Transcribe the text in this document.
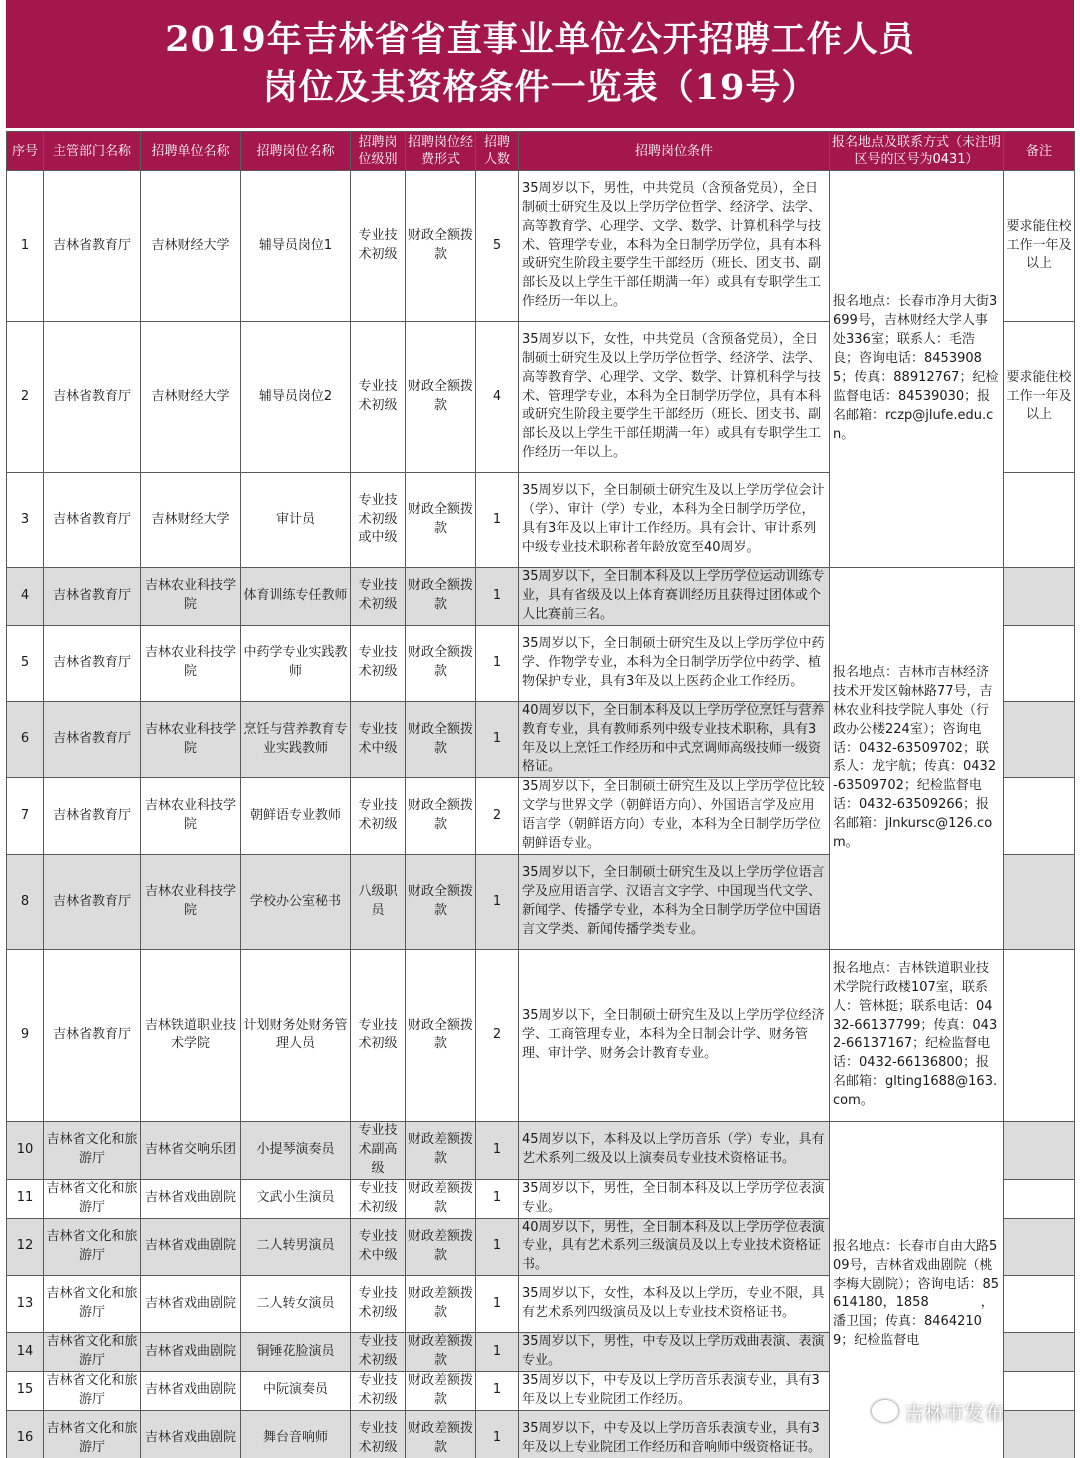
2019年吉林省省直事业单位公开招聘工作人员
岗位及其资格条件一览表（19号）
序号	主管部门名称	招聘单位名称	招聘岗位名称	招聘岗位级别	招聘岗位经费形式	招聘人数	招聘岗位条件	报名地点及联系方式（未注明区号的区号为0431）	备注
1	吉林省教育厅	吉林财经大学	辅导员岗位1	专业技术初级	财政全额拨款	5	35周岁以下，男性，中共党员（含预备党员），全日制硕士研究生及以上学历学位哲学、经济学、法学、高等教育学、心理学、文学、数学、计算机科学与技术、管理学专业，本科为全日制学历学位，具有本科或研究生阶段主要学生干部经历（班长、团支书、副部长及以上学生干部任期满一年）或具有专职学生工作经历一年以上。	报名地点：长春市净月大街3699号，吉林财经大学人事处336室；联系人：毛浩良；咨询电话：84539085；传真：88912767；纪检监督电话：84539030；报名邮箱：rczp@jlufe.edu.cn。	要求能住校工作一年及以上
2	吉林省教育厅	吉林财经大学	辅导员岗位2	专业技术初级	财政全额拨款	4	35周岁以下，女性，中共党员（含预备党员），全日制硕士研究生及以上学历学位哲学、经济学、法学、高等教育学、心理学、文学、数学、计算机科学与技术、管理学专业，本科为全日制学历学位，具有本科或研究生阶段主要学生干部经历（班长、团支书、副部长及以上学生干部任期满一年）或具有专职学生工作经历一年以上。		要求能住校工作一年及以上
3	吉林省教育厅	吉林财经大学	审计员	专业技术初级或中级	财政全额拨款	1	35周岁以下，全日制硕士研究生及以上学历学位会计（学）、审计（学）专业，本科为全日制学历学位，具有3年及以上审计工作经历。具有会计、审计系列中级专业技术职称者年龄放宽至40周岁。		
4	吉林省教育厅	吉林农业科技学院	体育训练专任教师	专业技术初级	财政全额拨款	1	35周岁以下，全日制本科及以上学历学位运动训练专业，具有省级及以上体育赛训经历且获得过团体或个人比赛前三名。	报名地点：吉林市吉林经济技术开发区翰林路77号，吉林农业科技学院人事处（行政办公楼224室）；咨询电话：0432-63509702；联系人：龙宇航；传真：0432-63509702；纪检监督电话：0432-63509266；报名邮箱：jlnkursc@126.com。	
5	吉林省教育厅	吉林农业科技学院	中药学专业实践教师	专业技术初级	财政全额拨款	1	35周岁以下，全日制硕士研究生及以上学历学位中药学、作物学专业，本科为全日制学历学位中药学、植物保护专业，具有3年及以上医药企业工作经历。		
6	吉林省教育厅	吉林农业科技学院	烹饪与营养教育专业实践教师	专业技术中级	财政全额拨款	1	40周岁以下，全日制本科及以上学历学位烹饪与营养教育专业，具有教师系列中级专业技术职称，具有3年及以上烹饪工作经历和中式烹调师高级技师一级资格证。		
7	吉林省教育厅	吉林农业科技学院	朝鲜语专业教师	专业技术初级	财政全额拨款	2	35周岁以下，全日制硕士研究生及以上学历学位比较文学与世界文学（朝鲜语方向）、外国语言学及应用语言学（朝鲜语方向）专业，本科为全日制学历学位朝鲜语专业。		
8	吉林省教育厅	吉林农业科技学院	学校办公室秘书	八级职员	财政全额拨款	1	35周岁以下，全日制硕士研究生及以上学历学位语言学及应用语言学、汉语言文字学、中国现当代文学、新闻学、传播学专业，本科为全日制学历学位中国语言文学类、新闻传播学类专业。		
9	吉林省教育厅	吉林铁道职业技术学院	计划财务处财务管理人员	专业技术初级	财政全额拨款	2	35周岁以下，全日制硕士研究生及以上学历学位经济学、工商管理专业，本科为全日制会计学、财务管理、审计学、财务会计教育专业。	报名地点：吉林铁道职业技术学院行政楼107室，联系人：管林挺；联系电话：0432-66137799；传真：0432-66137167；纪检监督电话：0432-66136800；报名邮箱：glting1688@163.com。	
10	吉林省文化和旅游厅	吉林省交响乐团	小提琴演奏员	专业技术副高级	财政差额拨款	1	45周岁以下，本科及以上学历音乐（学）专业，具有艺术系列二级及以上演奏员专业技术资格证书。	报名地点：长春市自由大路509号，吉林省戏曲剧院（桃李梅大剧院）；咨询电话：85614180，1858　　　　，潘卫国；传真：84642109；纪检监督电	
11	吉林省文化和旅游厅	吉林省戏曲剧院	文武小生演员	专业技术初级	财政差额拨款	1	35周岁以下，男性，全日制本科及以上学历学位表演专业。		
12	吉林省文化和旅游厅	吉林省戏曲剧院	二人转男演员	专业技术中级	财政差额拨款	1	40周岁以下，男性，全日制本科及以上学历学位表演专业，具有艺术系列三级演员及以上专业技术资格证书。		
13	吉林省文化和旅游厅	吉林省戏曲剧院	二人转女演员	专业技术初级	财政差额拨款	1	35周岁以下，女性，本科及以上学历，专业不限，具有艺术系列四级演员及以上专业技术资格证书。		
14	吉林省文化和旅游厅	吉林省戏曲剧院	铜锤花脸演员	专业技术初级	财政差额拨款	1	35周岁以下，男性，中专及以上学历戏曲表演、表演专业。		
15	吉林省文化和旅游厅	吉林省戏曲剧院	中阮演奏员	专业技术初级	财政差额拨款	1	35周岁以下，中专及以上学历音乐表演专业，具有3年及以上专业院团工作经历。		
16	吉林省文化和旅游厅	吉林省戏曲剧院	舞台音响师	专业技术初级	财政差额拨款	1	35周岁以下，中专及以上学历音乐表演专业，具有3年及以上专业院团工作经历和音响师中级资格证书。		
吉林市发布
